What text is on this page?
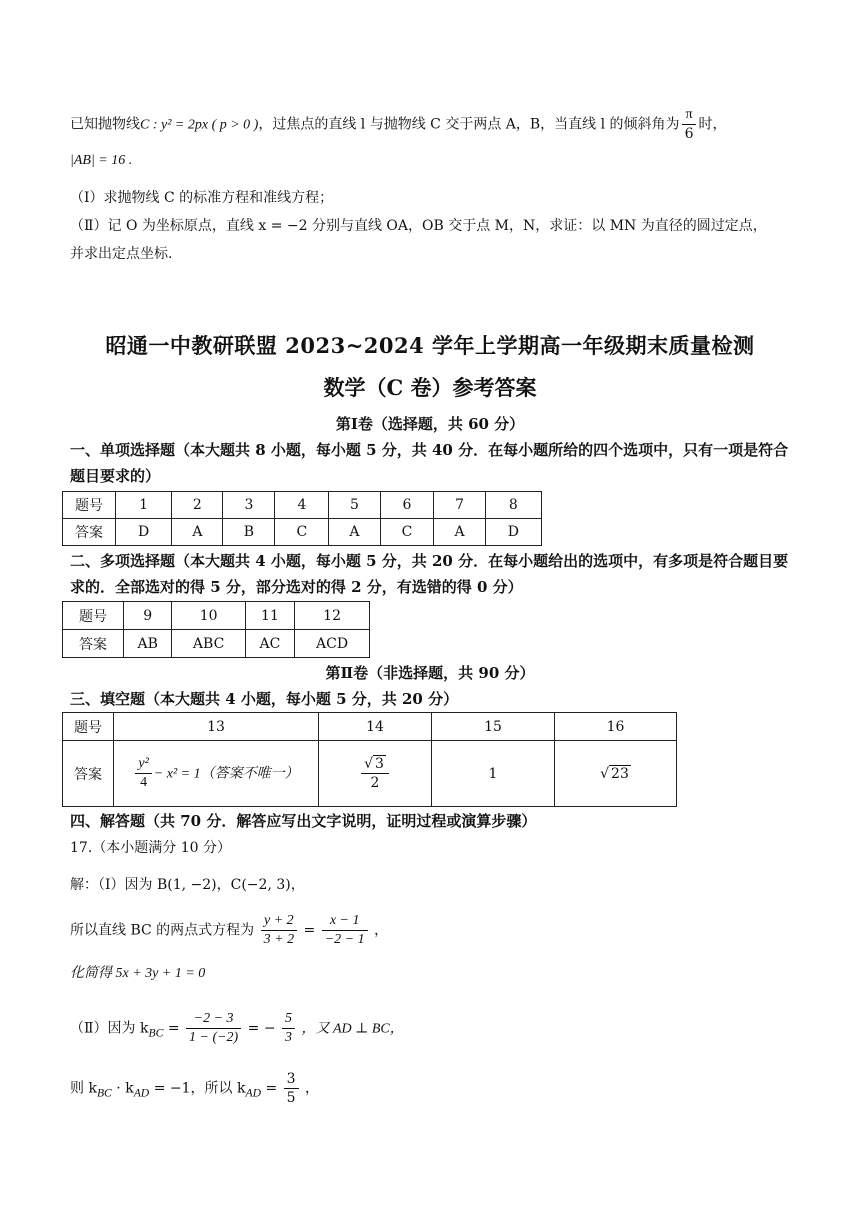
已知抛物线C : y² = 2px ( p > 0 )，过焦点的直线 l 与抛物线 C 交于两点 A，B，当直线 l 的倾斜角为 $\frac{\pi}{6}$ 时，
|AB| = 16 .
（Ⅰ）求抛物线 C 的标准方程和准线方程；
（Ⅱ）记 O 为坐标原点，直线 x = −2 分别与直线 OA，OB 交于点 M，N，求证：以 MN 为直径的圆过定点，
并求出定点坐标.
昭通一中教研联盟 2023~2024 学年上学期高一年级期末质量检测
数学（C 卷）参考答案
第Ⅰ卷（选择题，共 60 分）
一、单项选择题（本大题共 8 小题，每小题 5 分，共 40 分．在每小题所给的四个选项中，只有一项是符合题目要求的）
题号	1	2	3	4	5	6	7	8
答案	D	A	B	C	A	C	A	D
二、多项选择题（本大题共 4 小题，每小题 5 分，共 20 分．在每小题给出的选项中，有多项是符合题目要求的．全部选对的得 5 分，部分选对的得 2 分，有选错的得 0 分）
题号	9	10	11	12
答案	AB	ABC	AC	ACD
第Ⅱ卷（非选择题，共 90 分）
三、填空题（本大题共 4 小题，每小题 5 分，共 20 分）
题号	13	14	15	16
答案	$\frac{\text{y²}}{4} - x^2 = 1$（答案不唯一）	$\frac{√ 3}{2}$	1	√ 23
四、解答题（共 70 分．解答应写出文字说明，证明过程或演算步骤）
17.（本小题满分 10 分）
解：（Ⅰ）因为 B(1, −2)，C(−2, 3)，
所以直线 BC 的两点式方程为 $\frac{y + 2}{3 + 2} = \frac{x - 1}{-2 - 1}$ ，
化简得 5x + 3y + 1 = 0
（Ⅱ）因为 $k_{BC} = \frac{-2 - 3}{1 - (-2)}$ = − $\frac{5}{3}$ ，又 AD ⊥ BC，
则 $k_{BC} \cdot k_{AD} = -1$，所以 $k_{AD} = \frac{3}{5}$ ，
